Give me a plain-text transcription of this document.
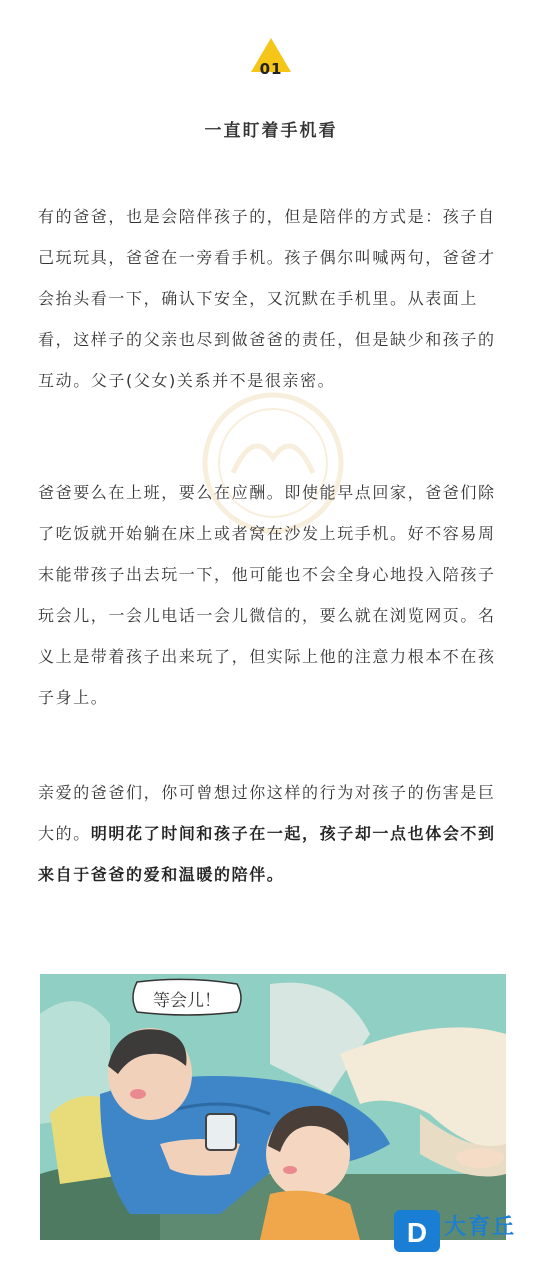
01
一直盯着手机看

有的爸爸，也是会陪伴孩子的，但是陪伴的方式是：孩子自己玩玩具，爸爸在一旁看手机。孩子偶尔叫喊两句，爸爸才会抬头看一下，确认下安全，又沉默在手机里。从表面上看，这样子的父亲也尽到做爸爸的责任，但是缺少和孩子的互动。父子(父女)关系并不是很亲密。

爸爸要么在上班，要么在应酬。即使能早点回家，爸爸们除了吃饭就开始躺在床上或者窝在沙发上玩手机。好不容易周末能带孩子出去玩一下，他可能也不会全身心地投入陪孩子玩会儿，一会儿电话一会儿微信的，要么就在浏览网页。名义上是带着孩子出来玩了，但实际上他的注意力根本不在孩子身上。

亲爱的爸爸们，你可曾想过你这样的行为对孩子的伤害是巨大的。明明花了时间和孩子在一起，孩子却一点也体会不到来自于爸爸的爱和温暖的陪伴。

等会儿！
D 大育丘
